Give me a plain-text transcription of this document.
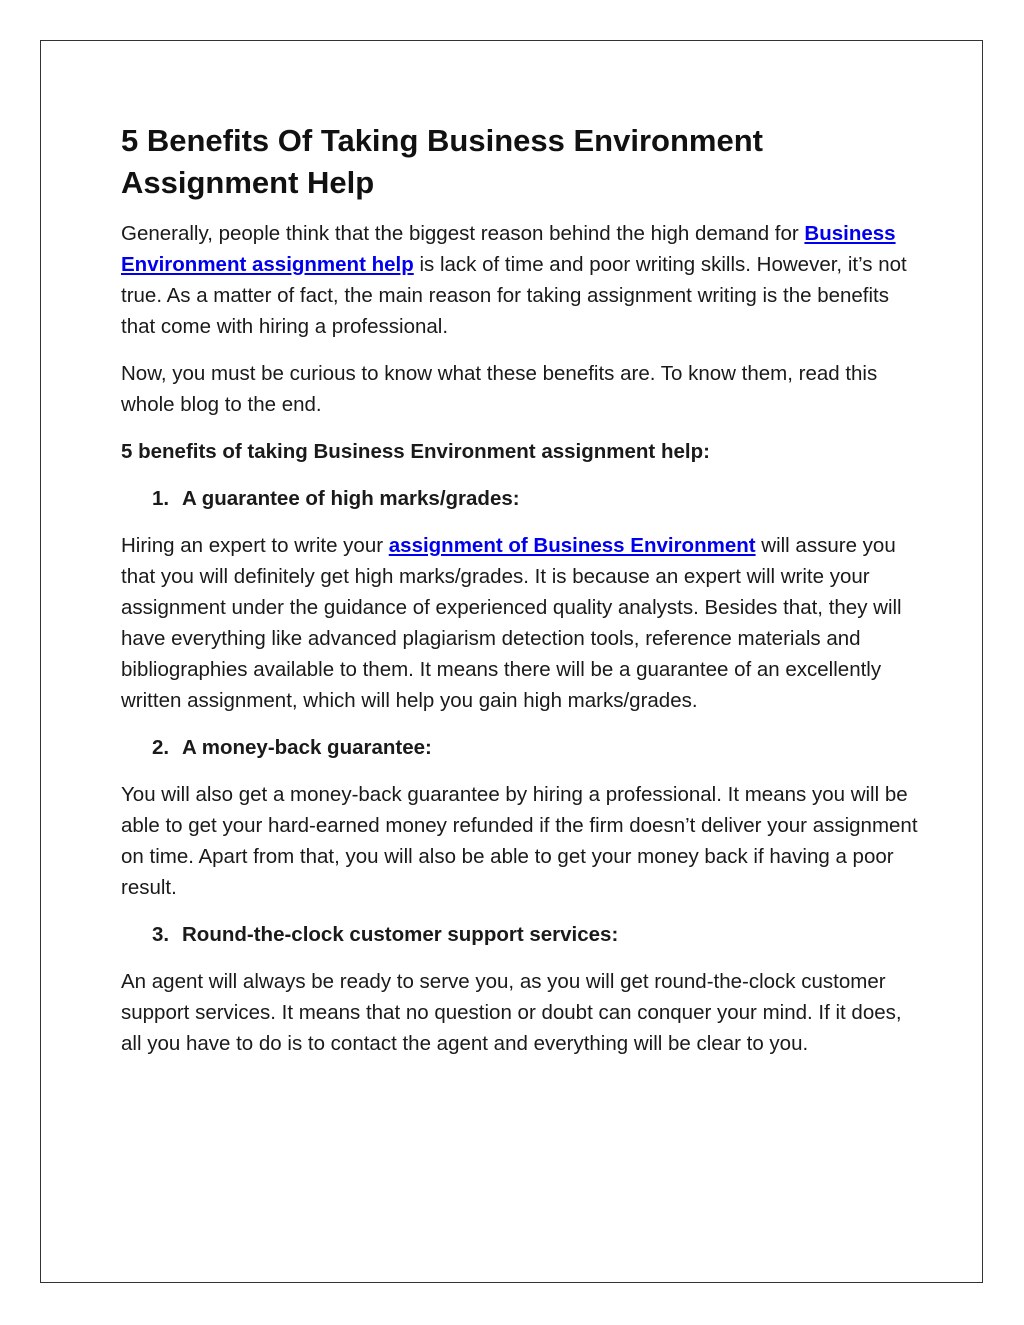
5 Benefits Of Taking Business Environment Assignment Help

Generally, people think that the biggest reason behind the high demand for Business Environment assignment help is lack of time and poor writing skills. However, it’s not true. As a matter of fact, the main reason for taking assignment writing is the benefits that come with hiring a professional.

Now, you must be curious to know what these benefits are. To know them, read this whole blog to the end.

5 benefits of taking Business Environment assignment help:

1. A guarantee of high marks/grades:

Hiring an expert to write your assignment of Business Environment will assure you that you will definitely get high marks/grades. It is because an expert will write your assignment under the guidance of experienced quality analysts. Besides that, they will have everything like advanced plagiarism detection tools, reference materials and bibliographies available to them. It means there will be a guarantee of an excellently written assignment, which will help you gain high marks/grades.

2. A money-back guarantee:

You will also get a money-back guarantee by hiring a professional. It means you will be able to get your hard-earned money refunded if the firm doesn’t deliver your assignment on time. Apart from that, you will also be able to get your money back if having a poor result.

3. Round-the-clock customer support services:

An agent will always be ready to serve you, as you will get round-the-clock customer support services. It means that no question or doubt can conquer your mind. If it does, all you have to do is to contact the agent and everything will be clear to you.
